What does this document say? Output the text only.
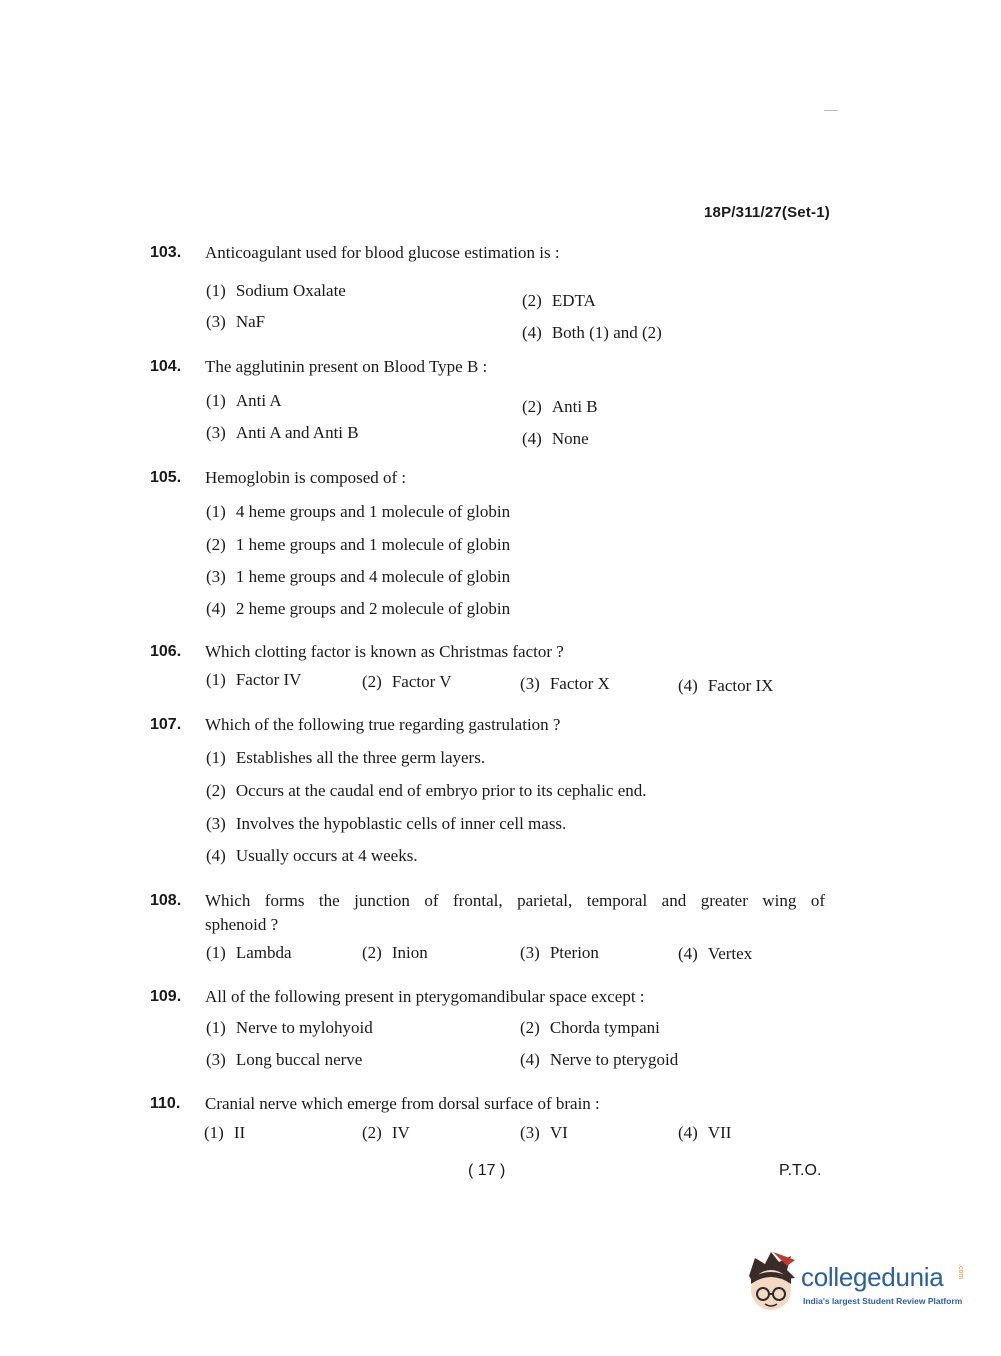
18P/311/27(Set-1)
103. Anticoagulant used for blood glucose estimation is :
(1) Sodium Oxalate
(2) EDTA
(3) NaF
(4) Both (1) and (2)
104. The agglutinin present on Blood Type B :
(1) Anti A	(2) Anti B
(3) Anti A and Anti B	(4) None
105. Hemoglobin is composed of :
(1) 4 heme groups and 1 molecule of globin
(2) 1 heme groups and 1 molecule of globin
(3) 1 heme groups and 4 molecule of globin
(4) 2 heme groups and 2 molecule of globin
106. Which clotting factor is known as Christmas factor ?
(1) Factor IV	(2) Factor V	(3) Factor X	(4) Factor IX
107. Which of the following true regarding gastrulation ?
(1) Establishes all the three germ layers.
(2) Occurs at the caudal end of embryo prior to its cephalic end.
(3) Involves the hypoblastic cells of inner cell mass.
(4) Usually occurs at 4 weeks.
108. Which forms the junction of frontal, parietal, temporal and greater wing of
sphenoid ?
(1) Lambda	(2) Inion	(3) Pterion	(4) Vertex
109. All of the following present in pterygomandibular space except :
(1) Nerve to mylohyoid	(2) Chorda tympani
(3) Long buccal nerve	(4) Nerve to pterygoid
110. Cranial nerve which emerge from dorsal surface of brain :
(1) II	(2) IV	(3) VI	(4) VII
( 17 )	P.T.O.
collegedunia .com
India's largest Student Review Platform
